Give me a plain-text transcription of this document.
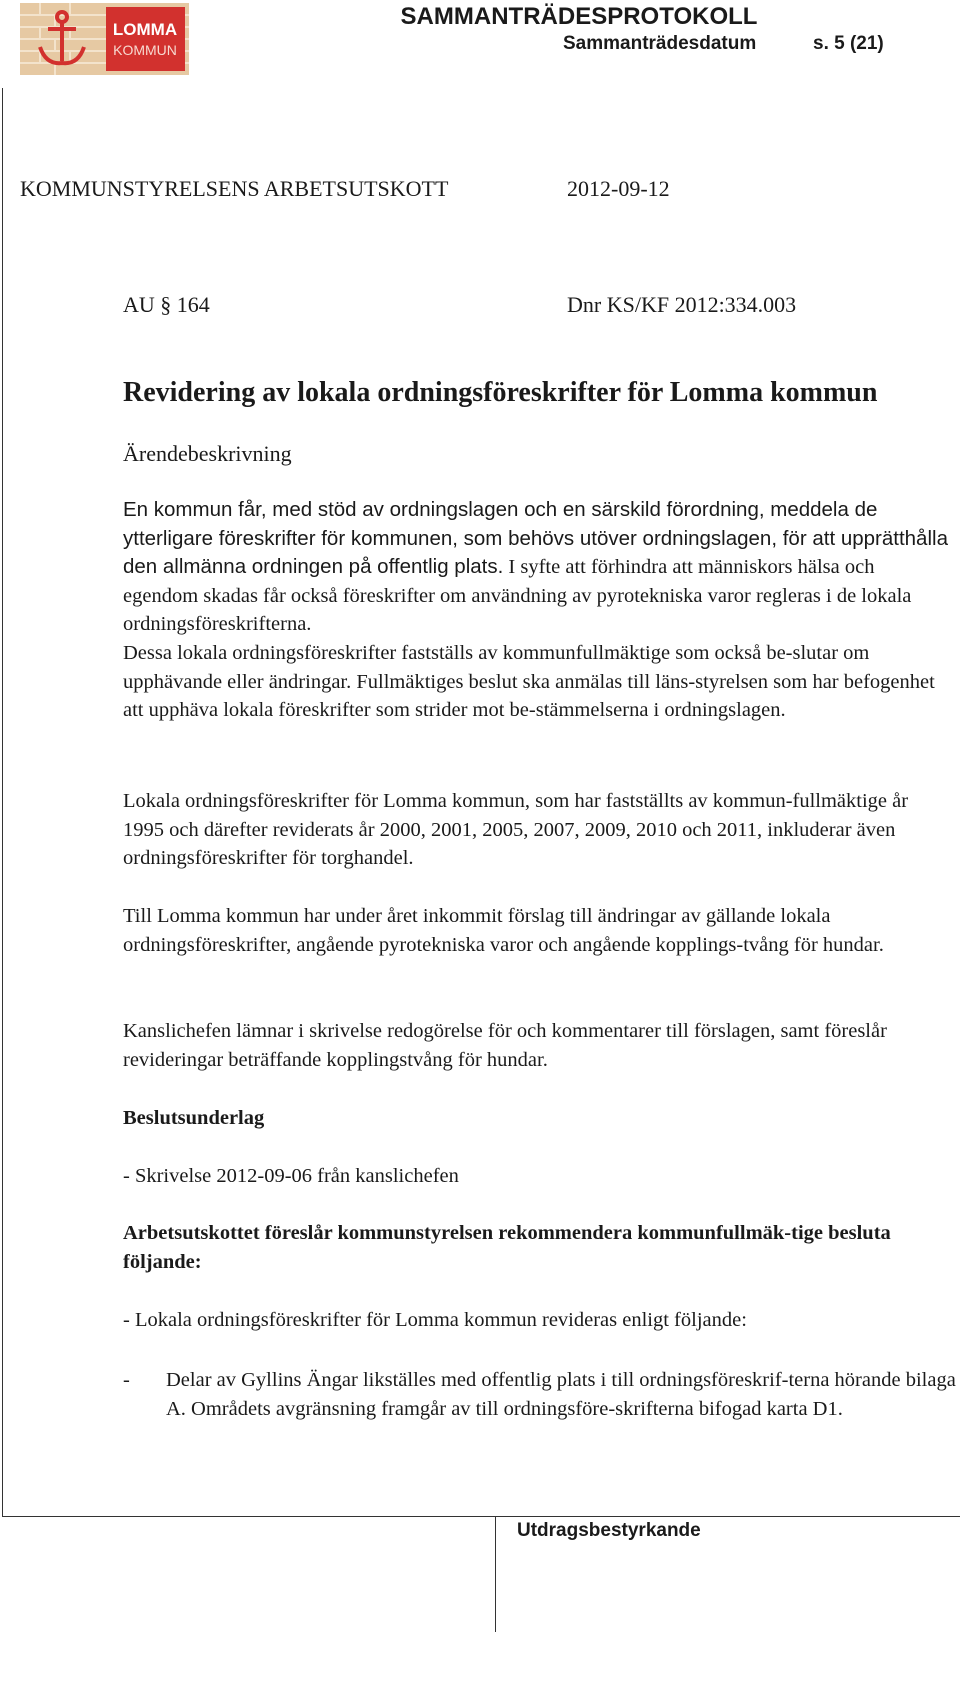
LOMMA
KOMMUN
SAMMANTRÄDESPROTOKOLL
Sammanträdesdatum	s. 5 (21)
KOMMUNSTYRELSENS ARBETSUTSKOTT	2012-09-12
AU § 164	Dnr KS/KF 2012:334.003
Revidering av lokala ordningsföreskrifter för Lomma kommun
Ärendebeskrivning
En kommun får, med stöd av ordningslagen och en särskild förordning, meddela de ytterligare föreskrifter för kommunen, som behövs utöver ordningslagen, för att upprätthålla den allmänna ordningen på offentlig plats. I syfte att förhindra att människors hälsa och egendom skadas får också föreskrifter om användning av pyrotekniska varor regleras i de lokala ordningsföreskrifterna.
Dessa lokala ordningsföreskrifter fastställs av kommunfullmäktige som också be-slutar om upphävande eller ändringar. Fullmäktiges beslut ska anmälas till läns-styrelsen som har befogenhet att upphäva lokala föreskrifter som strider mot be-stämmelserna i ordningslagen.
Lokala ordningsföreskrifter för Lomma kommun, som har fastställts av kommun-fullmäktige år 1995 och därefter reviderats år 2000, 2001, 2005, 2007, 2009, 2010 och 2011, inkluderar även ordningsföreskrifter för torghandel.
Till Lomma kommun har under året inkommit förslag till ändringar av gällande lokala ordningsföreskrifter, angående pyrotekniska varor och angående kopplings-tvång för hundar.
Kanslichefen lämnar i skrivelse redogörelse för och kommentarer till förslagen, samt föreslår revideringar beträffande kopplingstvång för hundar.
Beslutsunderlag
- Skrivelse 2012-09-06 från kanslichefen
Arbetsutskottet föreslår kommunstyrelsen rekommendera kommunfullmäk-tige besluta följande:
- Lokala ordningsföreskrifter för Lomma kommun revideras enligt följande:
- Delar av Gyllins Ängar likställes med offentlig plats i till ordningsföreskrif-terna hörande bilaga A. Områdets avgränsning framgår av till ordningsföre-skrifterna bifogad karta D1.
Utdragsbestyrkande
